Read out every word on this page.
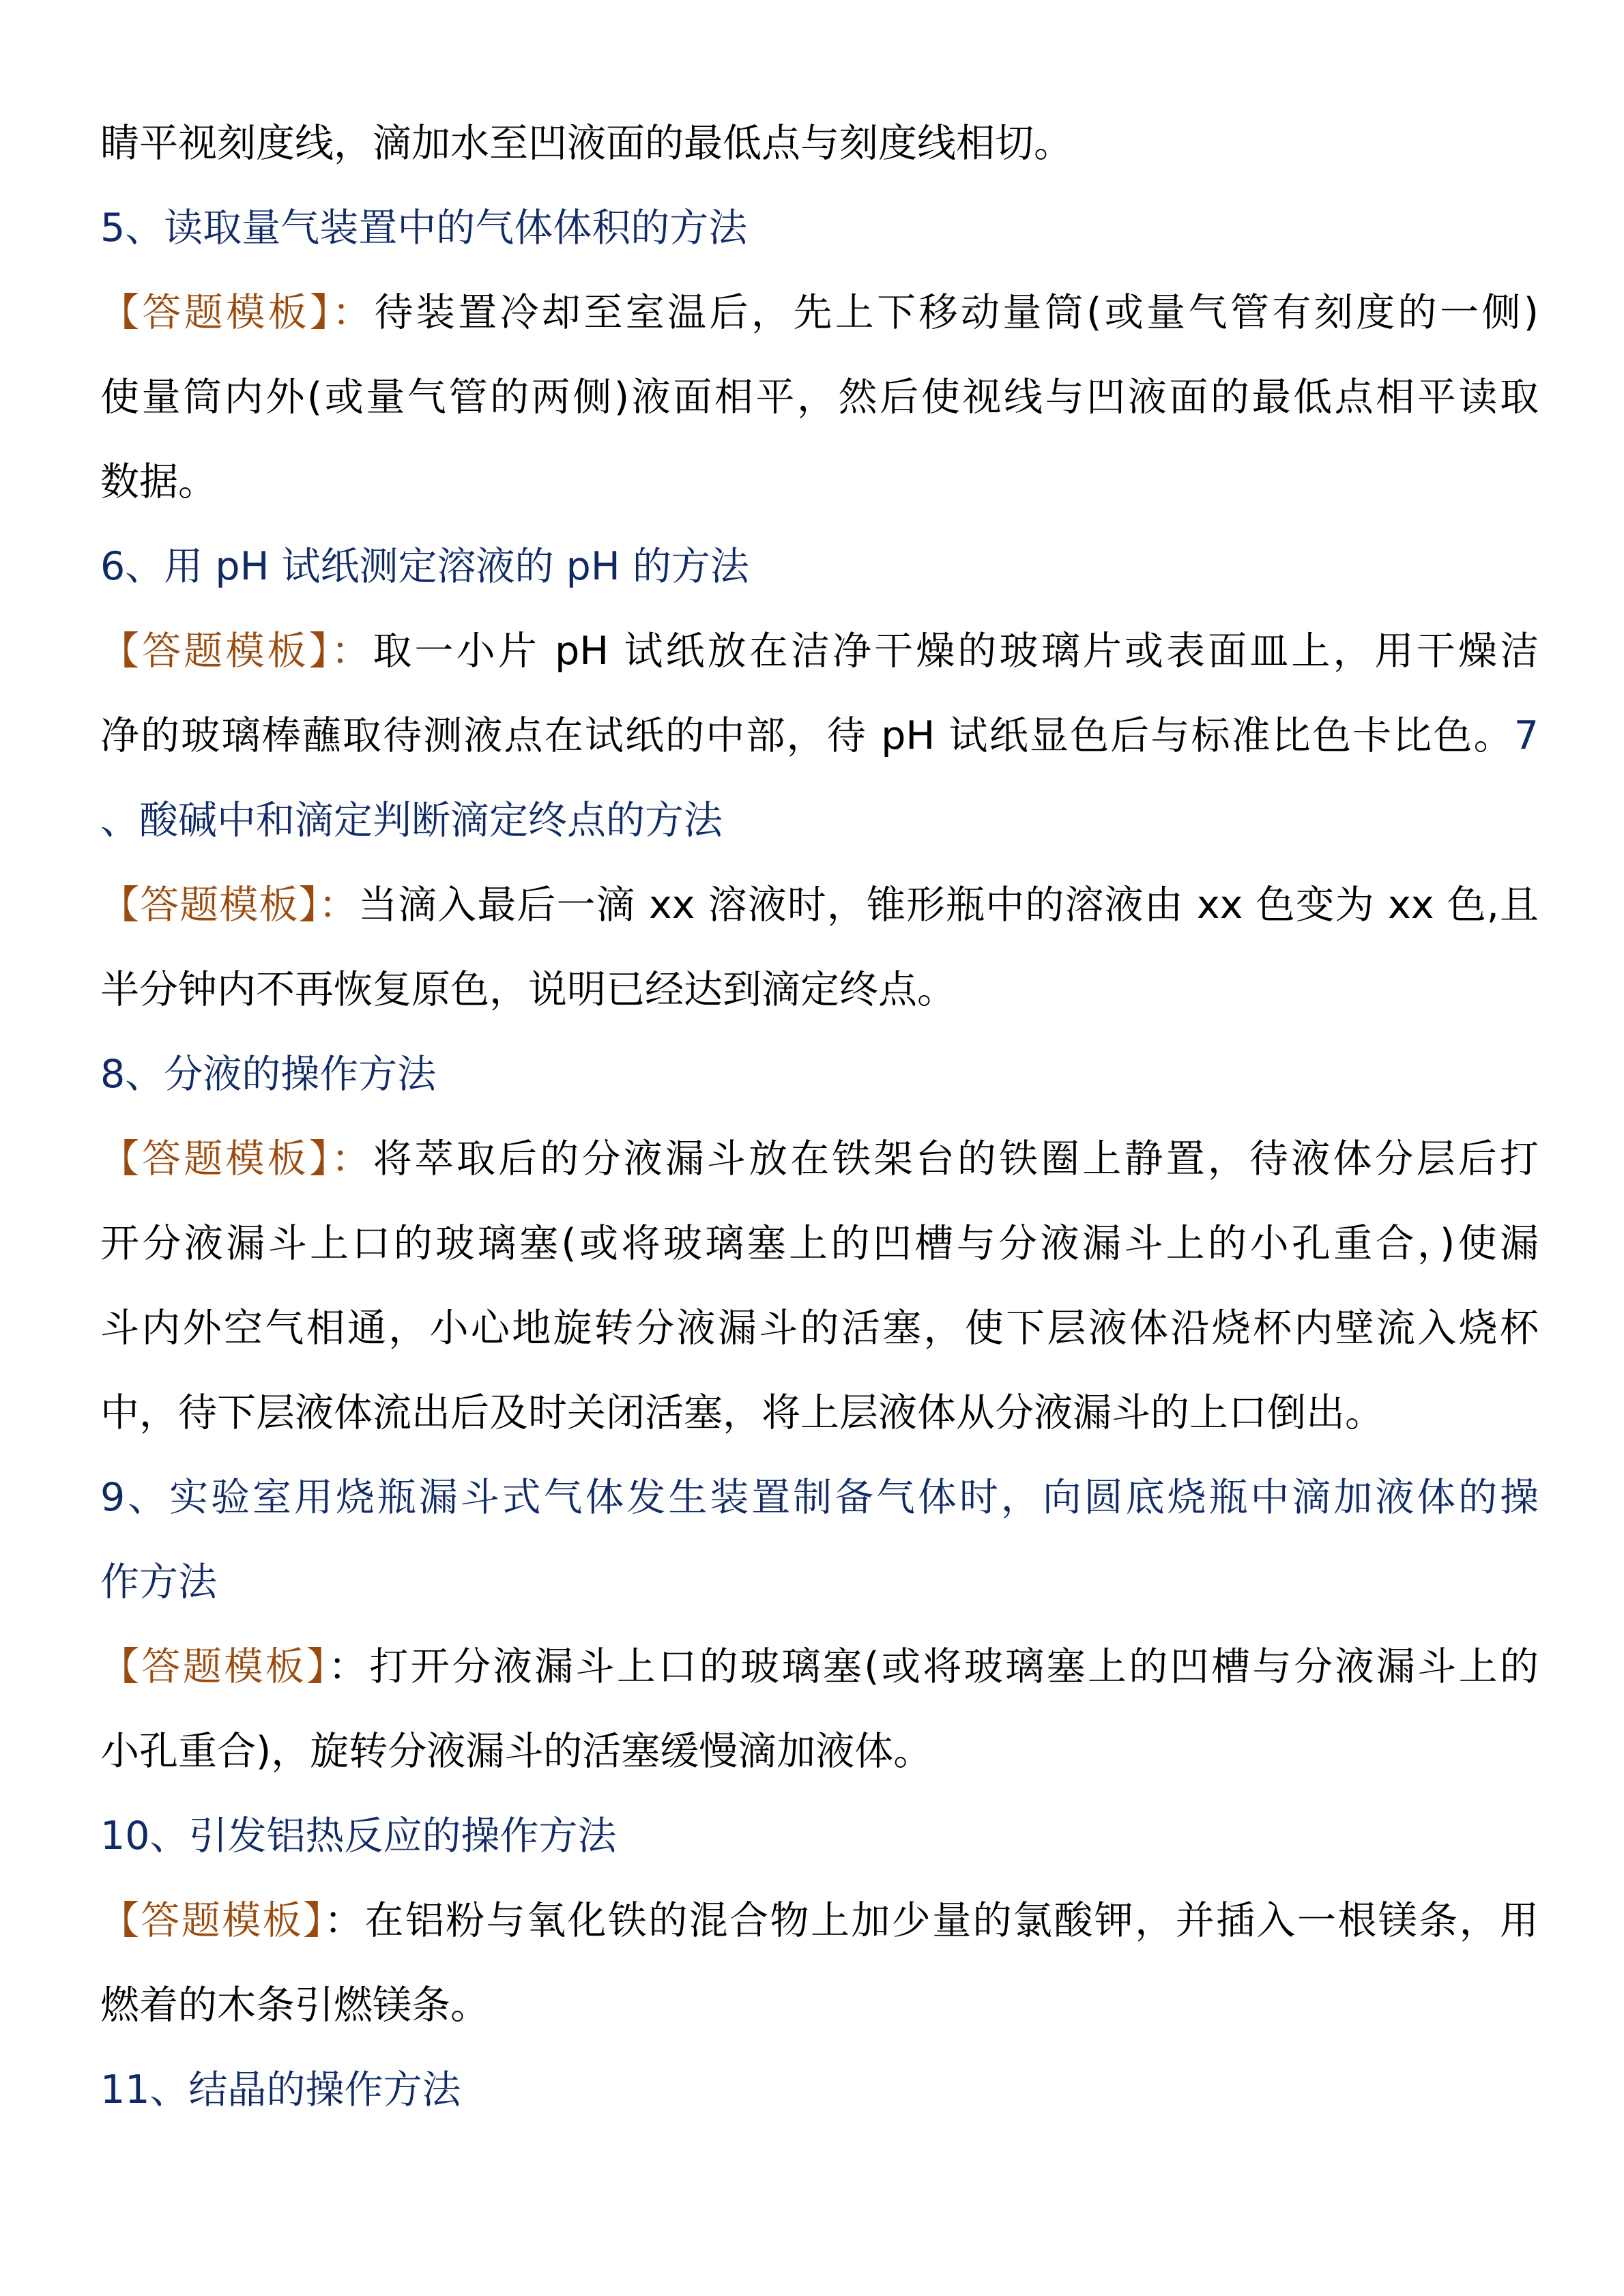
睛平视刻度线，滴加水至凹液面的最低点与刻度线相切。
5、读取量气装置中的气体体积的方法
【答题模板】：待装置冷却至室温后，先上下移动量筒(或量气管有刻度的一侧)
使量筒内外(或量气管的两侧)液面相平，然后使视线与凹液面的最低点相平读取
数据。
6、用 pH 试纸测定溶液的 pH 的方法
【答题模板】：取一小片 pH 试纸放在洁净干燥的玻璃片或表面皿上，用干燥洁
净的玻璃棒蘸取待测液点在试纸的中部，待 pH 试纸显色后与标准比色卡比色。7
、酸碱中和滴定判断滴定终点的方法
【答题模板】：当滴入最后一滴 xx 溶液时，锥形瓶中的溶液由 xx 色变为 xx 色,且
半分钟内不再恢复原色，说明已经达到滴定终点。
8、分液的操作方法
【答题模板】：将萃取后的分液漏斗放在铁架台的铁圈上静置，待液体分层后打
开分液漏斗上口的玻璃塞(或将玻璃塞上的凹槽与分液漏斗上的小孔重合，)使漏
斗内外空气相通，小心地旋转分液漏斗的活塞，使下层液体沿烧杯内壁流入烧杯
中，待下层液体流出后及时关闭活塞，将上层液体从分液漏斗的上口倒出。
9、实验室用烧瓶漏斗式气体发生装置制备气体时，向圆底烧瓶中滴加液体的操
作方法
【答题模板】：打开分液漏斗上口的玻璃塞(或将玻璃塞上的凹槽与分液漏斗上的
小孔重合)，旋转分液漏斗的活塞缓慢滴加液体。
10、引发铝热反应的操作方法
【答题模板】：在铝粉与氧化铁的混合物上加少量的氯酸钾，并插入一根镁条，用
燃着的木条引燃镁条。
11、结晶的操作方法
